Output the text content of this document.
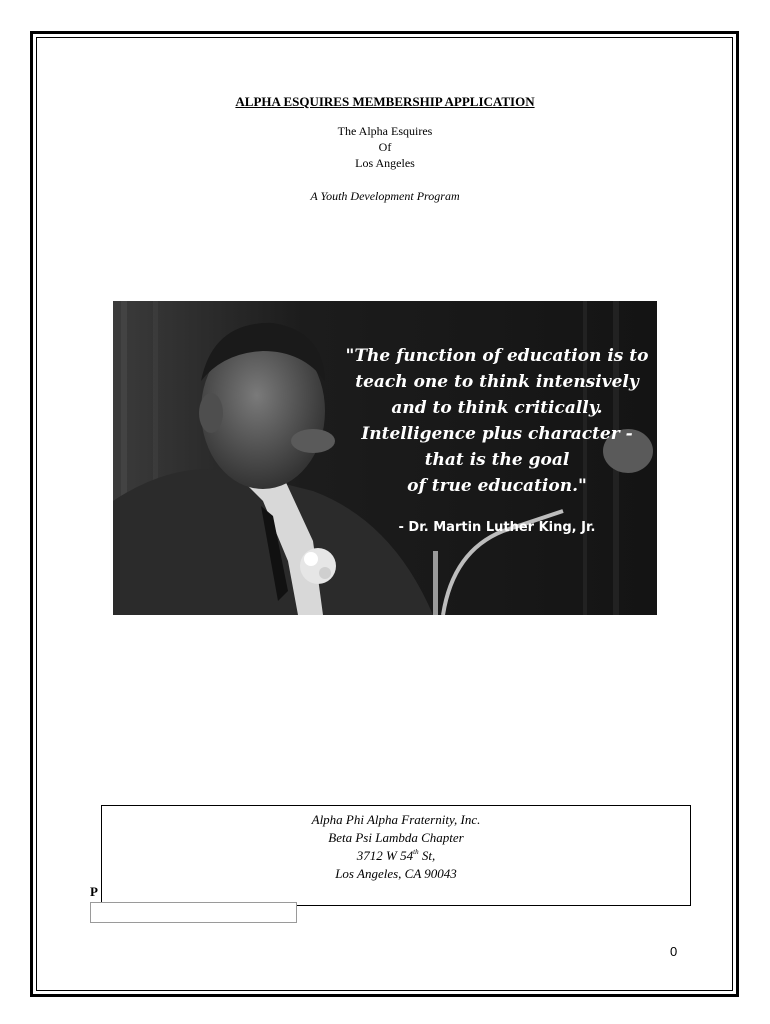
ALPHA ESQUIRES MEMBERSHIP APPLICATION
The Alpha Esquires
Of
Los Angeles
A Youth Development Program
"The function of education is to
teach one to think intensively
and to think critically.
Intelligence plus character -
that is the goal
of true education."
- Dr. Martin Luther King, Jr.
Alpha Phi Alpha Fraternity, Inc.
Beta Psi Lambda Chapter
3712 W 54th St,
Los Angeles, CA 90043
P
0
